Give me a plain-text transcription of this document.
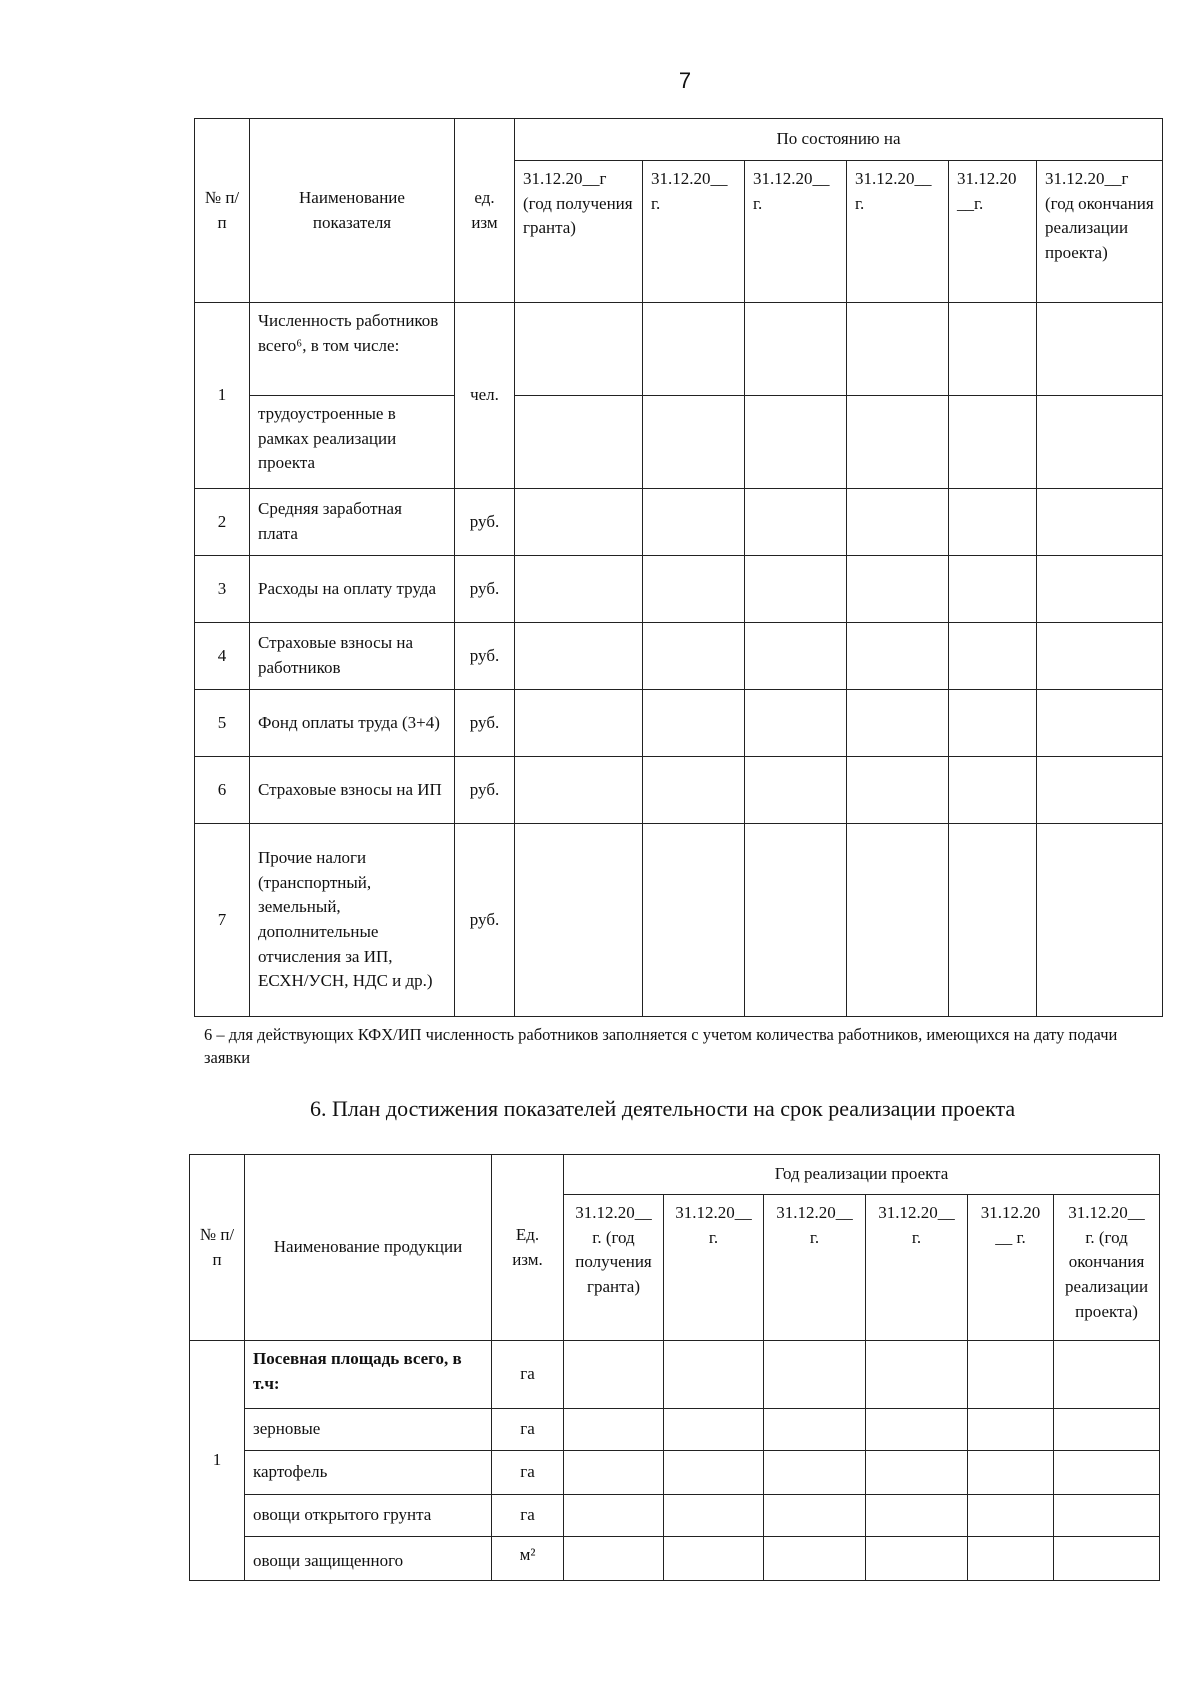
7
№ п/п	Наименование показателя	ед. изм	По состоянию на					
			31.12.20__г (год получения гранта)	31.12.20__ г.	31.12.20__ г.	31.12.20__ г.	31.12.20 __г.	31.12.20__г (год окончания реализации проекта)
1	Численность работников всего⁶, в том числе:	чел.						
	трудоустроенные в рамках реализации проекта							
2	Средняя заработная плата	руб.						
3	Расходы на оплату труда	руб.						
4	Страховые взносы на работников	руб.						
5	Фонд оплаты труда (3+4)	руб.						
6	Страховые взносы на ИП	руб.						
7	Прочие налоги (транспортный, земельный, дополнительные отчисления за ИП, ЕСХН/УСН, НДС и др.)	руб.						
6 – для действующих КФХ/ИП численность работников заполняется с учетом количества работников, имеющихся на дату подачи заявки
6. План достижения показателей деятельности на срок реализации проекта
№ п/п	Наименование продукции	Ед. изм.	Год реализации проекта					
			31.12.20__ г. (год получения гранта)	31.12.20__ г.	31.12.20__ г.	31.12.20__ г.	31.12.20 __ г.	31.12.20__ г. (год окончания реализации проекта)
1	Посевная площадь всего, в т.ч:	га						
	зерновые	га						
	картофель	га						
	овощи открытого грунта	га						
	овощи защищенного	м²						
